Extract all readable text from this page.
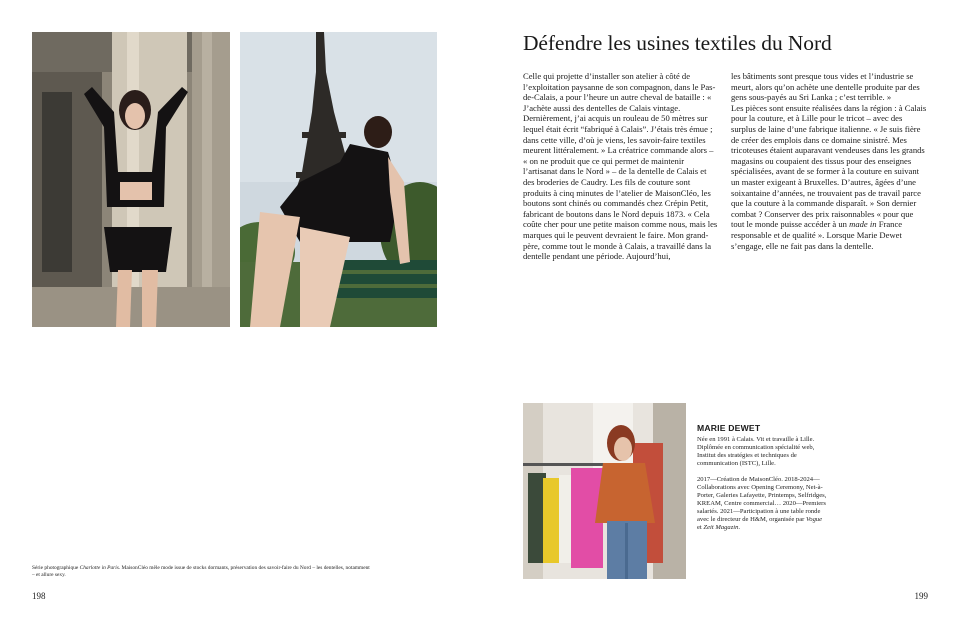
Série photographique Charlotte in Paris. MaisonCléo mêle mode issue de stocks dormants, préservation des savoir-faire du Nord – les dentelles, notamment – et allure sexy.
198
Défendre les usines textiles du Nord

Celle qui projette d’installer son atelier à côté de l’exploitation paysanne de son compagnon, dans le Pas-de-Calais, a pour l’heure un autre cheval de bataille : « J’achète aussi des dentelles de Calais vintage. Dernièrement, j’ai acquis un rouleau de 50 mètres sur lequel était écrit “fabriqué à Calais”. J’étais très émue ; dans cette ville, d’où je viens, les savoir-faire textiles meurent littéralement. » La créatrice commande alors – « on ne produit que ce qui permet de maintenir l’artisanat dans le Nord » – de la dentelle de Calais et des broderies de Caudry. Les fils de couture sont produits à cinq minutes de l’atelier de MaisonCléo, les boutons sont chinés ou commandés chez Crépin Petit, fabricant de boutons dans le Nord depuis 1873. « Cela coûte cher pour une petite maison comme nous, mais les marques qui le peuvent devraient le faire. Mon grand-père, comme tout le monde à Calais, a travaillé dans la dentelle pendant une période. Aujourd’hui,

les bâtiments sont presque tous vides et l’industrie se meurt, alors qu’on achète une dentelle produite par des gens sous-payés au Sri Lanka ; c’est terrible. »

Les pièces sont ensuite réalisées dans la région : à Calais pour la couture, et à Lille pour le tricot – avec des surplus de laine d’une fabrique italienne. « Je suis fière de créer des emplois dans ce domaine sinistré. Mes tricoteuses étaient auparavant vendeuses dans les grands magasins ou coupaient des tissus pour des enseignes spécialisées, avant de se former à la couture en suivant un master exigeant à Bruxelles. D’autres, âgées d’une soixantaine d’années, ne trouvaient pas de travail parce que la couture à la commande disparaît. » Son dernier combat ? Conserver des prix raisonnables « pour que tout le monde puisse accéder à un made in France responsable et de qualité ». Lorsque Marie Dewet s’engage, elle ne fait pas dans la dentelle.

MARIE DEWET

Née en 1991 à Calais. Vit et travaille à Lille. Diplômée en communication spécialité web, Institut des stratégies et techniques de communication (ISTC), Lille.

2017—Création de MaisonCléo. 2018-2024—Collaborations avec Opening Ceremony, Net-à-Porter, Galeries Lafayette, Printemps, Selfridges, KREAM, Centre commercial… 2020—Premiers salariés. 2021—Participation à une table ronde avec le directeur de H&M, organisée par Vogue et Zeit Magazin.

199
